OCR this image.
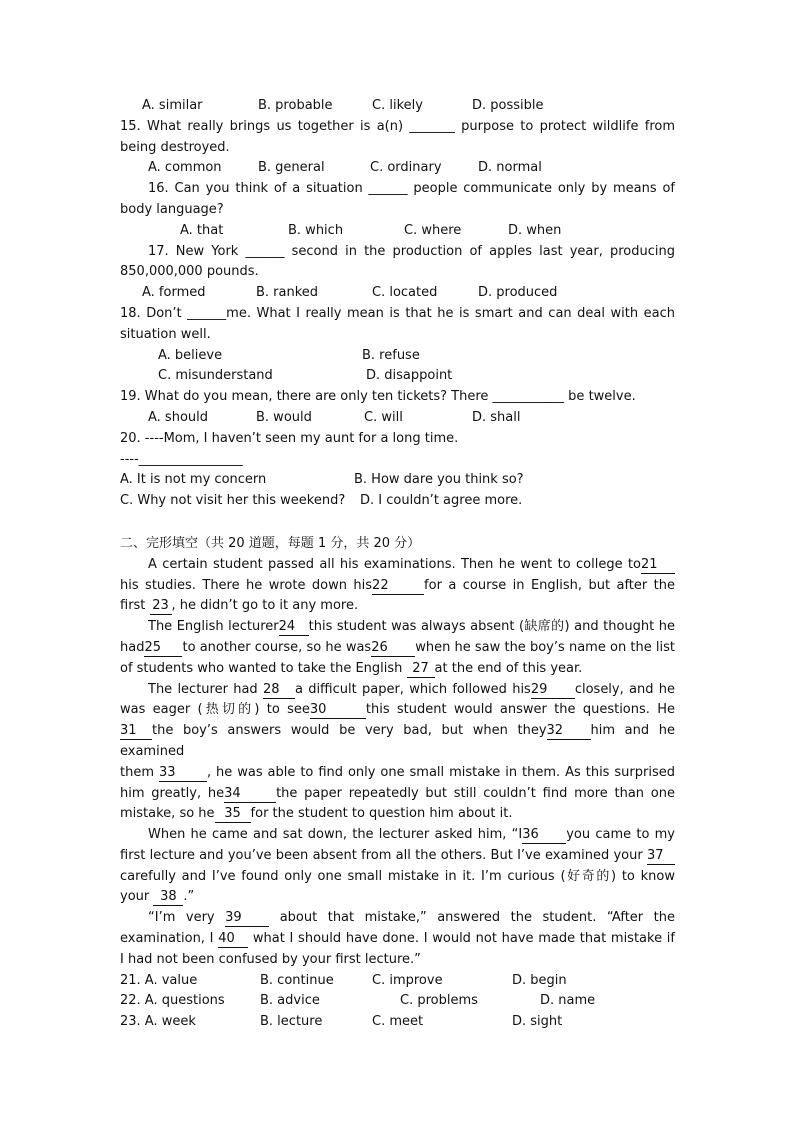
A. similar	B. probable	C. likely	D. possible
15. What really brings us together is a(n) _______ purpose to protect wildlife from
being destroyed.
A. common	B. general	C. ordinary	D. normal
16. Can you think of a situation ______ people communicate only by means of
body language?
A. that	B. which	C. where	D. when
17. New York ______ second in the production of apples last year, producing
850,000,000 pounds.
A. formed	B. ranked	C. located	D. produced
18. Don’t ______me. What I really mean is that he is smart and can deal with each
situation well.
A. believe	B. refuse
C. misunderstand	D. disappoint
19. What do you mean, there are only ten tickets? There ___________ be twelve.
A. should	B. would	C. will	D. shall
20. ----Mom, I haven’t seen my aunt for a long time.
----________________
A. It is not my concern	B. How dare you think so?
C. Why not visit her this weekend? D. I couldn’t agree more.
二、完形填空（共 20 道题，每题 1 分，共 20 分）
A certain student passed all his examinations. Then he went to college to21
his studies. There he wrote down his22	for a course in English, but after the
first 23 , he didn’t go to it any more.
The English lecturer24 this student was always absent (缺席的) and thought he
had25 to another course, so he was26 when he saw the boy’s name on the list
of students who wanted to take the English 27 at the end of this year.
The lecturer had 28 a difficult paper, which followed his29 closely, and he
was eager (热切的) to see30	this student would answer the questions. He
31 the boy’s answers would be very bad, but when they32 him and he examined
them 33 , he was able to find only one small mistake in them. As this surprised
him greatly, he34	the paper repeatedly but still couldn’t find more than one
mistake, so he 35 for the student to question him about it.
When he came and sat down, the lecturer asked him, “I36 you came to my
first lecture and you’ve been absent from all the others. But I’ve examined your 37
carefully and I’ve found only one small mistake in it. I’m curious (好奇的) to know
your 38 .”
“I’m very 39	about that mistake,” answered the student. “After the
examination, I 40 what I should have done. I would not have made that mistake if
I had not been confused by your first lecture.”
21. A. value	B. continue	C. improve	D. begin
22. A. questions	B. advice	C. problems	D. name
23. A. week	B. lecture	C. meet	D. sight
